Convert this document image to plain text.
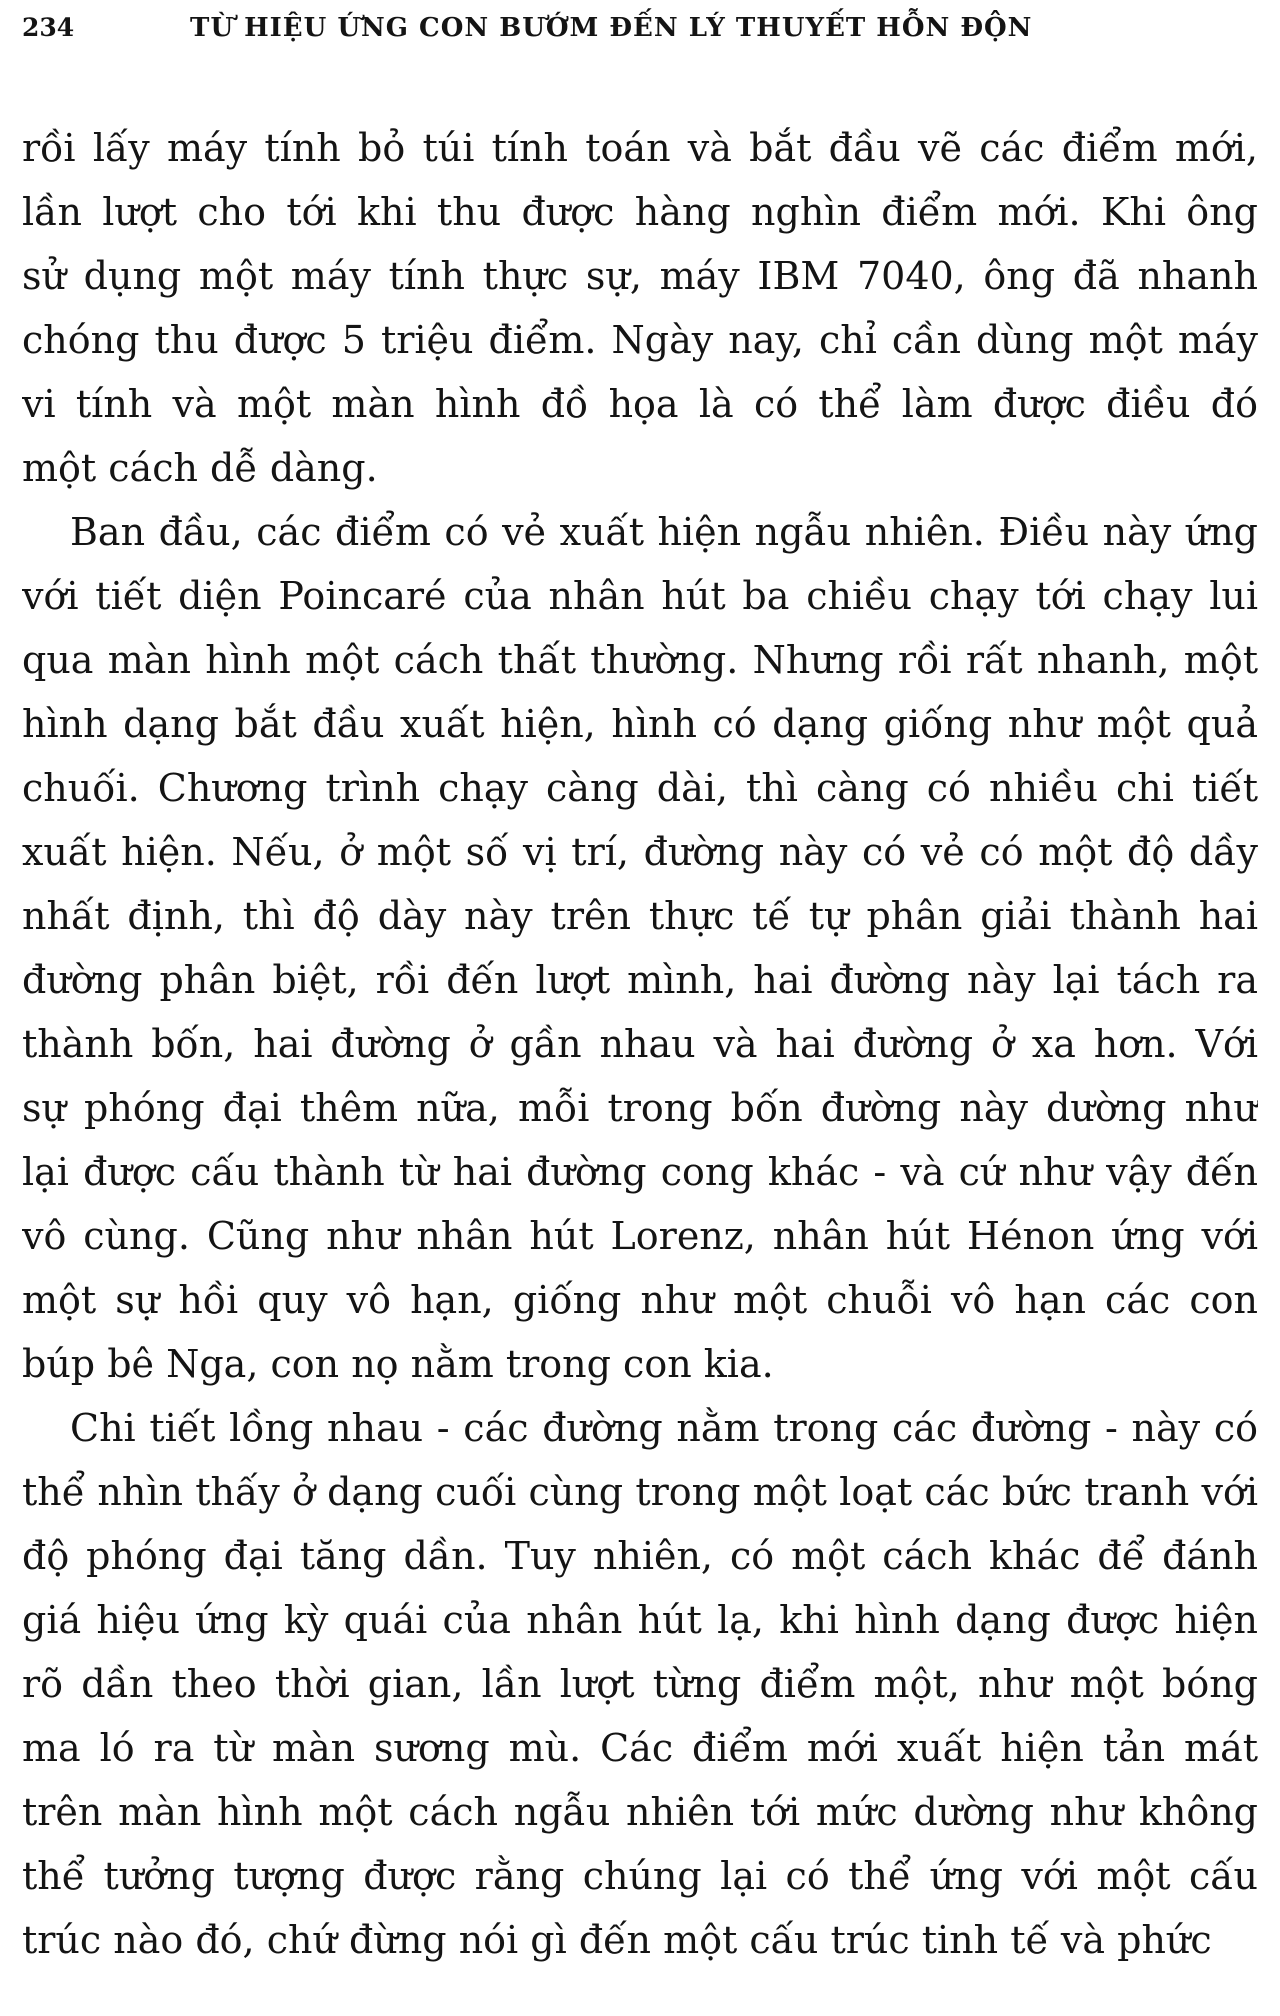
234	TỪ HIỆU ỨNG CON BƯỚM ĐẾN LÝ THUYẾT HỖN ĐỘN
rồi lấy máy tính bỏ túi tính toán và bắt đầu vẽ các điểm mới,
lần lượt cho tới khi thu được hàng nghìn điểm mới. Khi ông
sử dụng một máy tính thực sự, máy IBM 7040, ông đã nhanh
chóng thu được 5 triệu điểm. Ngày nay, chỉ cần dùng một máy
vi tính và một màn hình đồ họa là có thể làm được điều đó
một cách dễ dàng.
Ban đầu, các điểm có vẻ xuất hiện ngẫu nhiên. Điều này ứng
với tiết diện Poincaré của nhân hút ba chiều chạy tới chạy lui
qua màn hình một cách thất thường. Nhưng rồi rất nhanh, một
hình dạng bắt đầu xuất hiện, hình có dạng giống như một quả
chuối. Chương trình chạy càng dài, thì càng có nhiều chi tiết
xuất hiện. Nếu, ở một số vị trí, đường này có vẻ có một độ dầy
nhất định, thì độ dày này trên thực tế tự phân giải thành hai
đường phân biệt, rồi đến lượt mình, hai đường này lại tách ra
thành bốn, hai đường ở gần nhau và hai đường ở xa hơn. Với
sự phóng đại thêm nữa, mỗi trong bốn đường này dường như
lại được cấu thành từ hai đường cong khác - và cứ như vậy đến
vô cùng. Cũng như nhân hút Lorenz, nhân hút Hénon ứng với
một sự hồi quy vô hạn, giống như một chuỗi vô hạn các con
búp bê Nga, con nọ nằm trong con kia.
Chi tiết lồng nhau - các đường nằm trong các đường - này có
thể nhìn thấy ở dạng cuối cùng trong một loạt các bức tranh với
độ phóng đại tăng dần. Tuy nhiên, có một cách khác để đánh
giá hiệu ứng kỳ quái của nhân hút lạ, khi hình dạng được hiện
rõ dần theo thời gian, lần lượt từng điểm một, như một bóng
ma ló ra từ màn sương mù. Các điểm mới xuất hiện tản mát
trên màn hình một cách ngẫu nhiên tới mức dường như không
thể tưởng tượng được rằng chúng lại có thể ứng với một cấu
trúc nào đó, chứ đừng nói gì đến một cấu trúc tinh tế và phức
